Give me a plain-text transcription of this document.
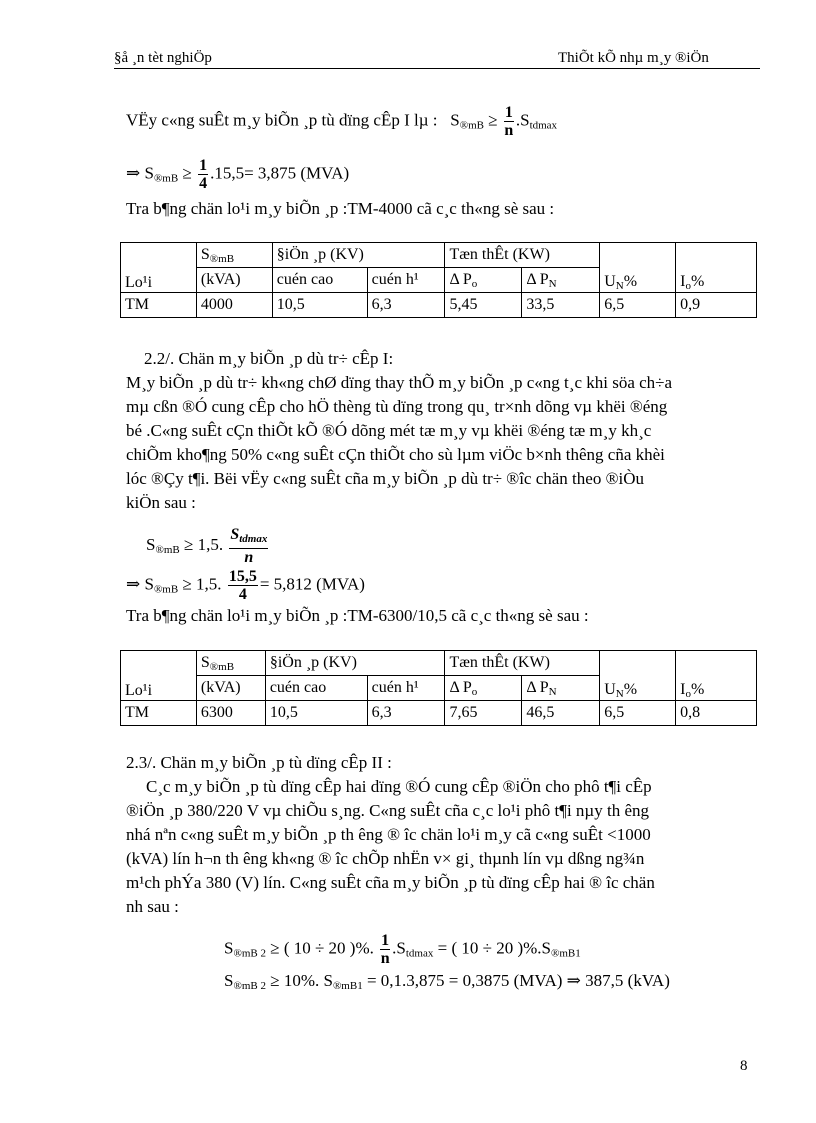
§å ¸n tèt nghiÖp	ThiÕt kÕ nhµ m¸y ®iÖn
VËy c«ng suÊt m¸y biÕn ¸p tù dïng cÊp I lµ : $S_{®mB} \ge \frac{1}{n} .S_{tdmax}$
⇒ $S_{®mB} \ge \frac{1}{4} .15,5= 3,875$ (MVA)
Tra b¶ng chän lo¹i m¸y biÕn ¸p :TM-4000 cã c¸c th«ng sè sau :
Lo¹i	$S_{®mB}$	§iÖn ¸p (KV)		Tæn thÊt (KW)		$U_N\%$	$I_o\%$
	(kVA)	cuén cao	cuén h¹	Δ $P_o$	Δ $P_N$
TM	4000	10,5	6,3	5,45	33,5	6,5	0,9
2.2/. Chän m¸y biÕn ¸p dù tr÷ cÊp I:
M¸y biÕn ¸p dù tr÷ kh«ng chØ dïng thay thÕ m¸y biÕn ¸p c«ng t¸c khi söa ch÷a
mµ cßn ®Ó cung cÊp cho hÖ thèng tù dïng trong qu¸ tr×nh dõng vµ khëi ®éng
bé .C«ng suÊt cÇn thiÕt kÕ ®Ó dõng mét tæ m¸y vµ khëi ®éng tæ m¸y kh¸c
chiÕm kho¶ng 50% c«ng suÊt cÇn thiÕt cho sù lµm viÖc b×nh thêng cña khèi
lóc ®Çy t¶i. Bëi vËy c«ng suÊt cña m¸y biÕn ¸p dù tr÷ ®îc chän theo ®iÒu
kiÖn sau :
$S_{®mB} \ge 1,5$. $\frac{S_{tdmax}}{n}$
⇒ $S_{®mB} \ge 1,5$. $\frac{15,5}{4} = 5,812$ (MVA)
Tra b¶ng chän lo¹i m¸y biÕn ¸p :TM-6300/10,5 cã c¸c th«ng sè sau :
Lo¹i	$S_{®mB}$	§iÖn ¸p (KV)		Tæn thÊt (KW)		$U_N\%$	$I_o\%$
	(kVA)	cuén cao	cuén h¹	Δ $P_o$	Δ $P_N$
TM	6300	10,5	6,3	7,65	46,5	6,5	0,8
2.3/. Chän m¸y biÕn ¸p tù dïng cÊp II :
C¸c m¸y biÕn ¸p tù dïng cÊp hai dïng ®Ó cung cÊp ®iÖn cho phô t¶i cÊp
®iÖn ¸p 380/220 V vµ chiÕu s¸ng. C«ng suÊt cña c¸c lo¹i phô t¶i nµy th êng
nhá nªn c«ng suÊt m¸y biÕn ¸p th êng ® îc chän lo¹i m¸y cã c«ng suÊt <1000
(kVA) lín h¬n th êng kh«ng ® îc chÕp nhËn v× gi¸ thµnh lín vµ dßng ng¾n
m¹ch phÝa 380 (V) lín. C«ng suÊt cña m¸y biÕn ¸p tù dïng cÊp hai ® îc chän
nh sau :
$S_{®mB 2}$ ≥ ( 10 ÷ 20 )%. $\frac{1}{n} .S_{tdmax}$ = ( 10 ÷ 20 )$\%.S_{®mB1}$
$S_{®mB 2} \ge 10\%$. $S_{®mB1} = 0,1.3,875 = 0,3875$ (MVA) ⇒ 387,5 (kVA)
8
